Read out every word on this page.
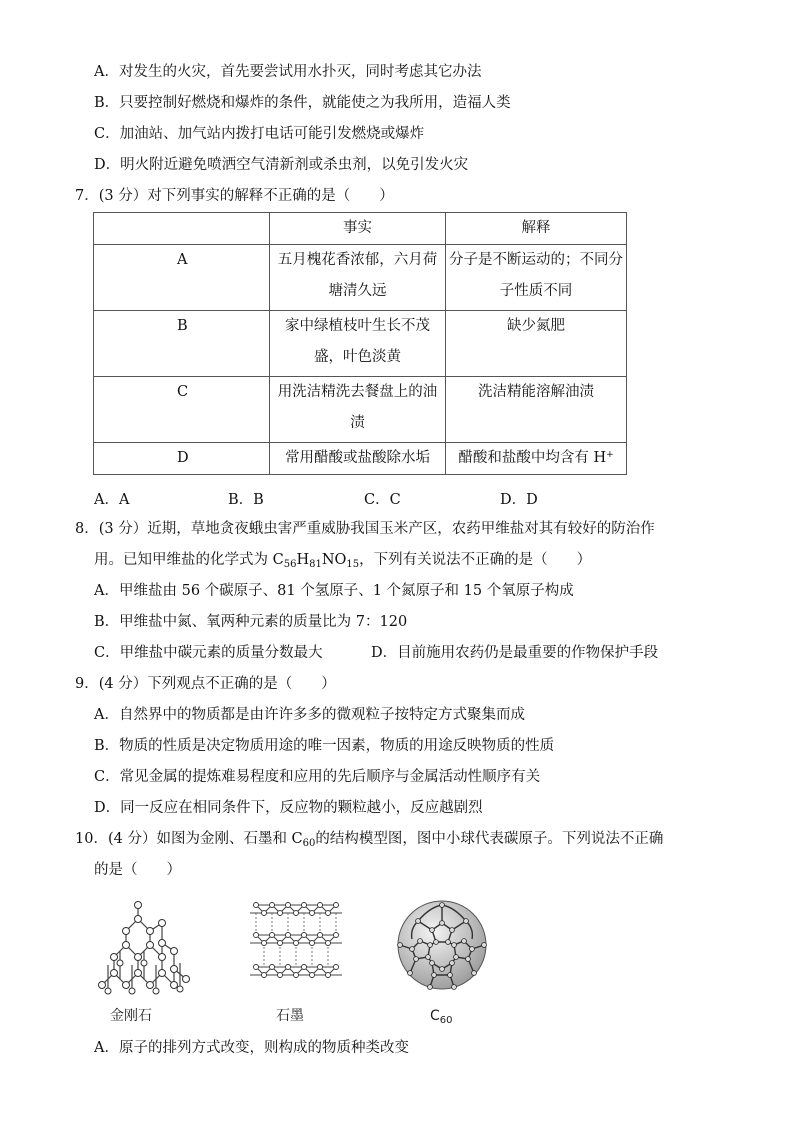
A．对发生的火灾，首先要尝试用水扑灭，同时考虑其它办法
B．只要控制好燃烧和爆炸的条件，就能使之为我所用，造福人类
C．加油站、加气站内拨打电话可能引发燃烧或爆炸
D．明火附近避免喷洒空气清新剂或杀虫剂，以免引发火灾
7．(3 分）对下列事实的解释不正确的是（　　）
	事实	解释
A	五月槐花香浓郁，六月荷塘清久远	分子是不断运动的；不同分子性质不同
B	家中绿植枝叶生长不茂盛，叶色淡黄	缺少氮肥
C	用洗洁精洗去餐盘上的油渍	洗洁精能溶解油渍
D	常用醋酸或盐酸除水垢	醋酸和盐酸中均含有 H+
A．A	B．B	C．C	D．D
8．(3 分）近期，草地贪夜蛾虫害严重威胁我国玉米产区，农药甲维盐对其有较好的防治作
用。已知甲维盐的化学式为 $C_{56}H_{81}NO_{15}$，下列有关说法不正确的是（　　）
A．甲维盐由 56 个碳原子、81 个氢原子、1 个氮原子和 15 个氧原子构成
B．甲维盐中氮、氧两种元素的质量比为 7：120
C．甲维盐中碳元素的质量分数最大	D．目前施用农药仍是最重要的作物保护手段
9．(4 分）下列观点不正确的是（　　）
A．自然界中的物质都是由许许多多的微观粒子按特定方式聚集而成
B．物质的性质是决定物质用途的唯一因素，物质的用途反映物质的性质
C．常见金属的提炼难易程度和应用的先后顺序与金属活动性顺序有关
D．同一反应在相同条件下，反应物的颗粒越小，反应越剧烈
10．(4 分）如图为金刚、石墨和 $C_{60}$的结构模型图，图中小球代表碳原子。下列说法不正确
的是（　　）
金刚石	石墨	$C_{60}$
A．原子的排列方式改变，则构成的物质种类改变
